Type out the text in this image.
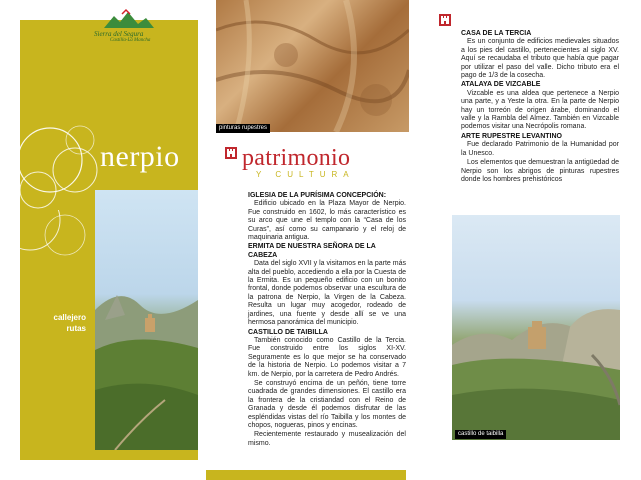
Sierra del Segura
Castilla-La Mancha
nerpio
callejero
rutas
pinturas rupestres
patrimonio
Y CULTURA
IGLESIA DE LA PURÍSIMA CONCEPCIÓN:

Edificio ubicado en la Plaza Mayor de Nerpio. Fue construido en 1602, lo más característico es su arco que une el templo con la “Casa de los Curas”, así como su campanario y el reloj de maquinaria antigua.

ERMITA DE NUESTRA SEÑORA DE LA CABEZA

Data del siglo XVII y la visitamos en la parte más alta del pueblo, accediendo a ella por la Cuesta de la Ermita. Es un pequeño edificio con un bonito frontal, donde podemos observar una escultura de la patrona de Nerpio, la Virgen de la Cabeza. Resulta un lugar muy acogedor, rodeado de jardines, una fuente y desde allí se ve una hermosa panorámica del municipio.

CASTILLO DE TAIBILLA

También conocido como Castillo de la Tercia. Fue construido entre los siglos XI-XV. Seguramente es lo que mejor se ha conservado de la historia de Nerpio. Lo podemos visitar a 7 km. de Nerpio, por la carretera de Pedro Andrés.

Se construyó encima de un peñón, tiene torre cuadrada de grandes dimensiones. El castillo era la frontera de la cristiandad con el Reino de Granada y desde él podemos disfrutar de las espléndidas vistas del río Taibilla y los montes de chopos, nogueras, pinos y encinas.

Recientemente restaurado y musealización del mismo.

CASA DE LA TERCIA

Es un conjunto de edificios medievales situados a los pies del castillo, pertenecientes al siglo XV. Aquí se recaudaba el tributo que había que pagar por utilizar el paso del valle. Dicho tributo era el pago de 1/3 de la cosecha.

ATALAYA DE VIZCABLE

Vizcable es una aldea que pertenece a Nerpio una parte, y a Yeste la otra. En la parte de Nerpio hay un torreón de origen árabe, dominando el valle y la Rambla del Almez. También en Vizcable podemos visitar una Necrópolis romana.

ARTE RUPESTRE LEVANTINO

Fue declarado Patrimonio de la Humanidad por la Unesco.

Los elementos que demuestran la antigüedad de Nerpio son los abrigos de pinturas rupestres donde los hombres prehistóricos

castillo de taibilla
